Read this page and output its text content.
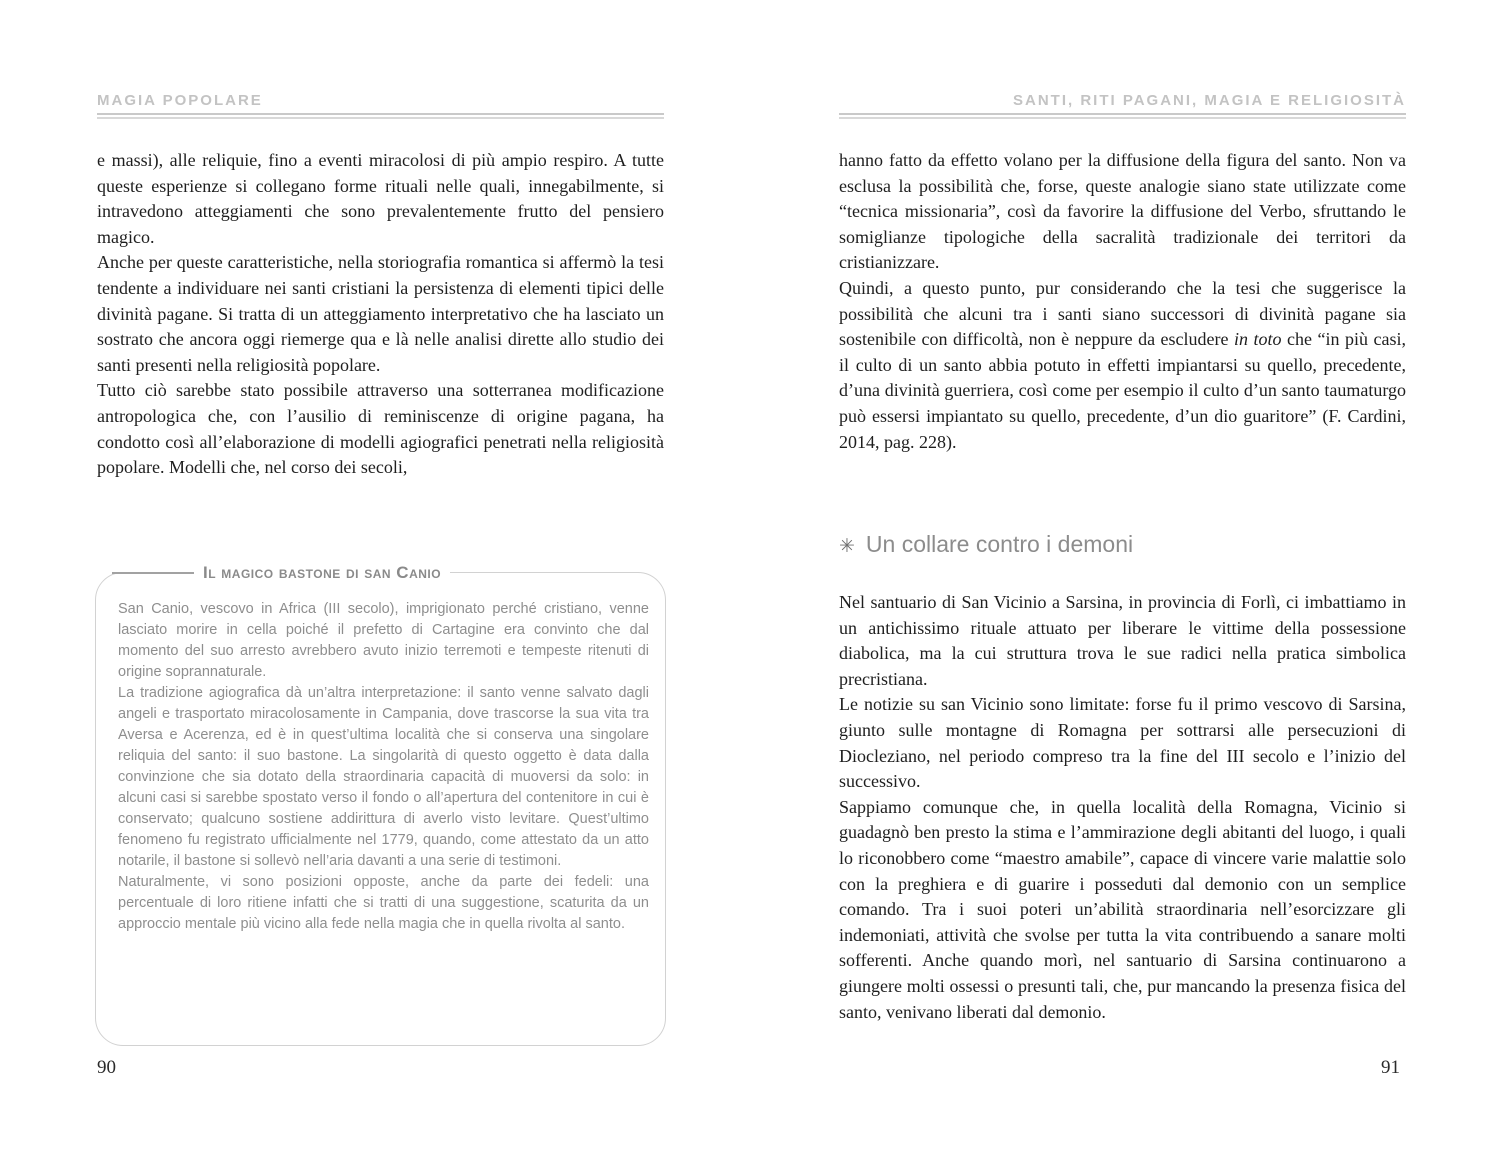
MAGIA POPOLARE

e massi), alle reliquie, fino a eventi miracolosi di più ampio respiro. A tutte queste esperienze si collegano forme rituali nelle quali, innegabilmente, si intravedono atteggiamenti che sono prevalentemente frutto del pensiero magico.

Anche per queste caratteristiche, nella storiografia romantica si affermò la tesi tendente a individuare nei santi cristiani la persistenza di elementi tipici delle divinità pagane. Si tratta di un atteggiamento interpretativo che ha lasciato un sostrato che ancora oggi riemerge qua e là nelle analisi dirette allo studio dei santi presenti nella religiosità popolare.

Tutto ciò sarebbe stato possibile attraverso una sotterranea modificazione antropologica che, con l’ausilio di reminiscenze di origine pagana, ha condotto così all’elaborazione di modelli agiografici penetrati nella religiosità popolare. Modelli che, nel corso dei secoli,

Il magico bastone di san Canio

San Canio, vescovo in Africa (III secolo), imprigionato perché cristiano, venne lasciato morire in cella poiché il prefetto di Cartagine era convinto che dal momento del suo arresto avrebbero avuto inizio terremoti e tempeste ritenuti di origine soprannaturale.

La tradizione agiografica dà un’altra interpretazione: il santo venne salvato dagli angeli e trasportato miracolosamente in Campania, dove trascorse la sua vita tra Aversa e Acerenza, ed è in quest’ultima località che si conserva una singolare reliquia del santo: il suo bastone. La singolarità di questo oggetto è data dalla convinzione che sia dotato della straordinaria capacità di muoversi da solo: in alcuni casi si sarebbe spostato verso il fondo o all’apertura del contenitore in cui è conservato; qualcuno sostiene addirittura di averlo visto levitare. Quest’ultimo fenomeno fu registrato ufficialmente nel 1779, quando, come attestato da un atto notarile, il bastone si sollevò nell’aria davanti a una serie di testimoni.

Naturalmente, vi sono posizioni opposte, anche da parte dei fedeli: una percentuale di loro ritiene infatti che si tratti di una suggestione, scaturita da un approccio mentale più vicino alla fede nella magia che in quella rivolta al santo.

90
SANTI, RITI PAGANI, MAGIA E RELIGIOSITÀ

hanno fatto da effetto volano per la diffusione della figura del santo. Non va esclusa la possibilità che, forse, queste analogie siano state utilizzate come “tecnica missionaria”, così da favorire la diffusione del Verbo, sfruttando le somiglianze tipologiche della sacralità tradizionale dei territori da cristianizzare.

Quindi, a questo punto, pur considerando che la tesi che suggerisce la possibilità che alcuni tra i santi siano successori di divinità pagane sia sostenibile con difficoltà, non è neppure da escludere in toto che “in più casi, il culto di un santo abbia potuto in effetti impiantarsi su quello, precedente, d’una divinità guerriera, così come per esempio il culto d’un santo taumaturgo può essersi impiantato su quello, precedente, d’un dio guaritore” (F. Cardini, 2014, pag. 228).

✳ Un collare contro i demoni

Nel santuario di San Vicinio a Sarsina, in provincia di Forlì, ci imbattiamo in un antichissimo rituale attuato per liberare le vittime della possessione diabolica, ma la cui struttura trova le sue radici nella pratica simbolica precristiana.

Le notizie su san Vicinio sono limitate: forse fu il primo vescovo di Sarsina, giunto sulle montagne di Romagna per sottrarsi alle persecuzioni di Diocleziano, nel periodo compreso tra la fine del III secolo e l’inizio del successivo.

Sappiamo comunque che, in quella località della Romagna, Vicinio si guadagnò ben presto la stima e l’ammirazione degli abitanti del luogo, i quali lo riconobbero come “maestro amabile”, capace di vincere varie malattie solo con la preghiera e di guarire i posseduti dal demonio con un semplice comando. Tra i suoi poteri un’abilità straordinaria nell’esorcizzare gli indemoniati, attività che svolse per tutta la vita contribuendo a sanare molti sofferenti. Anche quando morì, nel santuario di Sarsina continuarono a giungere molti ossessi o presunti tali, che, pur mancando la presenza fisica del santo, venivano liberati dal demonio.

91
